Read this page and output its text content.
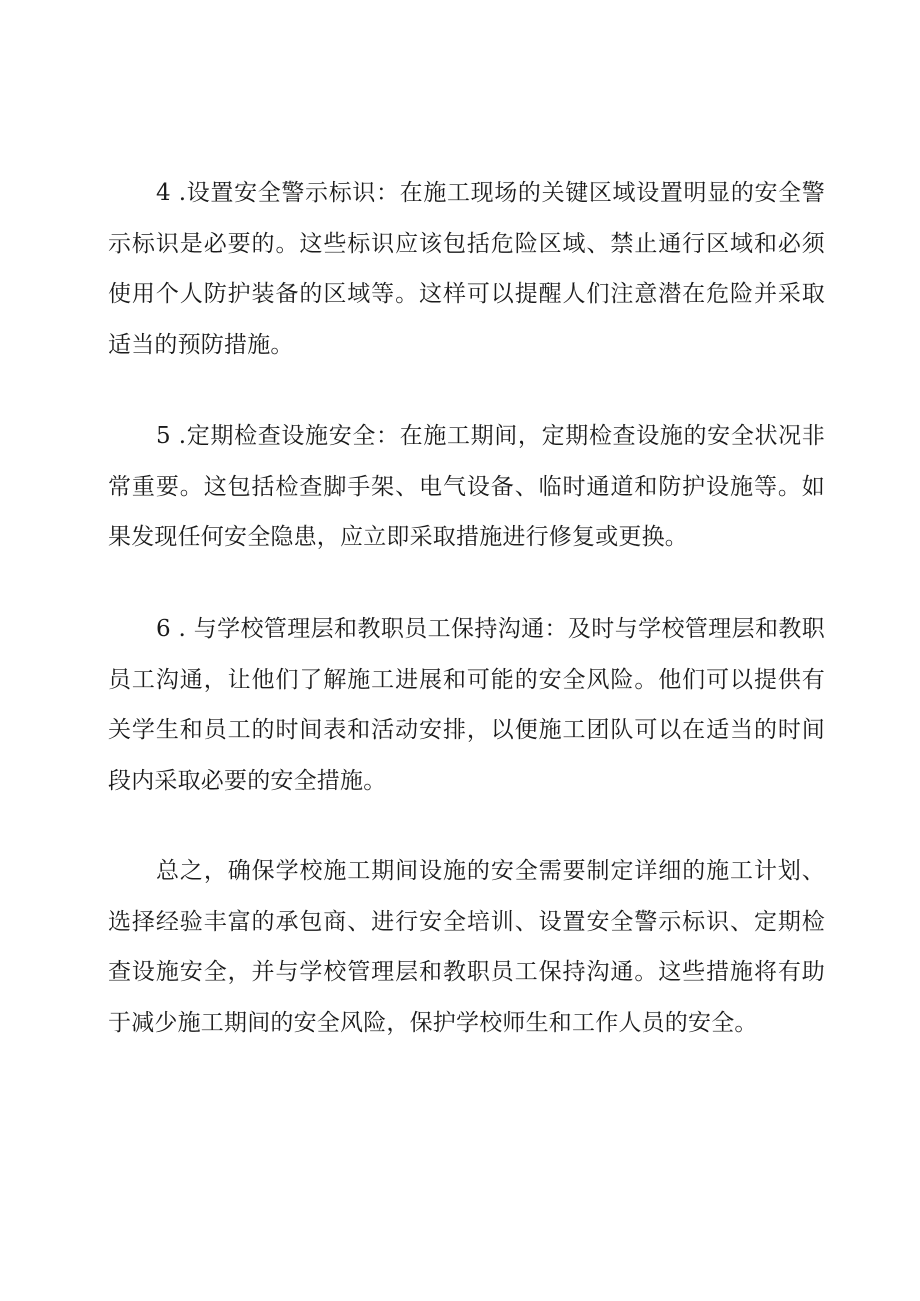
4 .设置安全警示标识：在施工现场的关键区域设置明显的安全警示标识是必要的。这些标识应该包括危险区域、禁止通行区域和必须使用个人防护装备的区域等。这样可以提醒人们注意潜在危险并采取适当的预防措施。

5 .定期检查设施安全：在施工期间，定期检查设施的安全状况非常重要。这包括检查脚手架、电气设备、临时通道和防护设施等。如果发现任何安全隐患，应立即采取措施进行修复或更换。

6 . 与学校管理层和教职员工保持沟通：及时与学校管理层和教职员工沟通，让他们了解施工进展和可能的安全风险。他们可以提供有关学生和员工的时间表和活动安排，以便施工团队可以在适当的时间段内采取必要的安全措施。

总之，确保学校施工期间设施的安全需要制定详细的施工计划、选择经验丰富的承包商、进行安全培训、设置安全警示标识、定期检查设施安全，并与学校管理层和教职员工保持沟通。这些措施将有助于减少施工期间的安全风险，保护学校师生和工作人员的安全。
